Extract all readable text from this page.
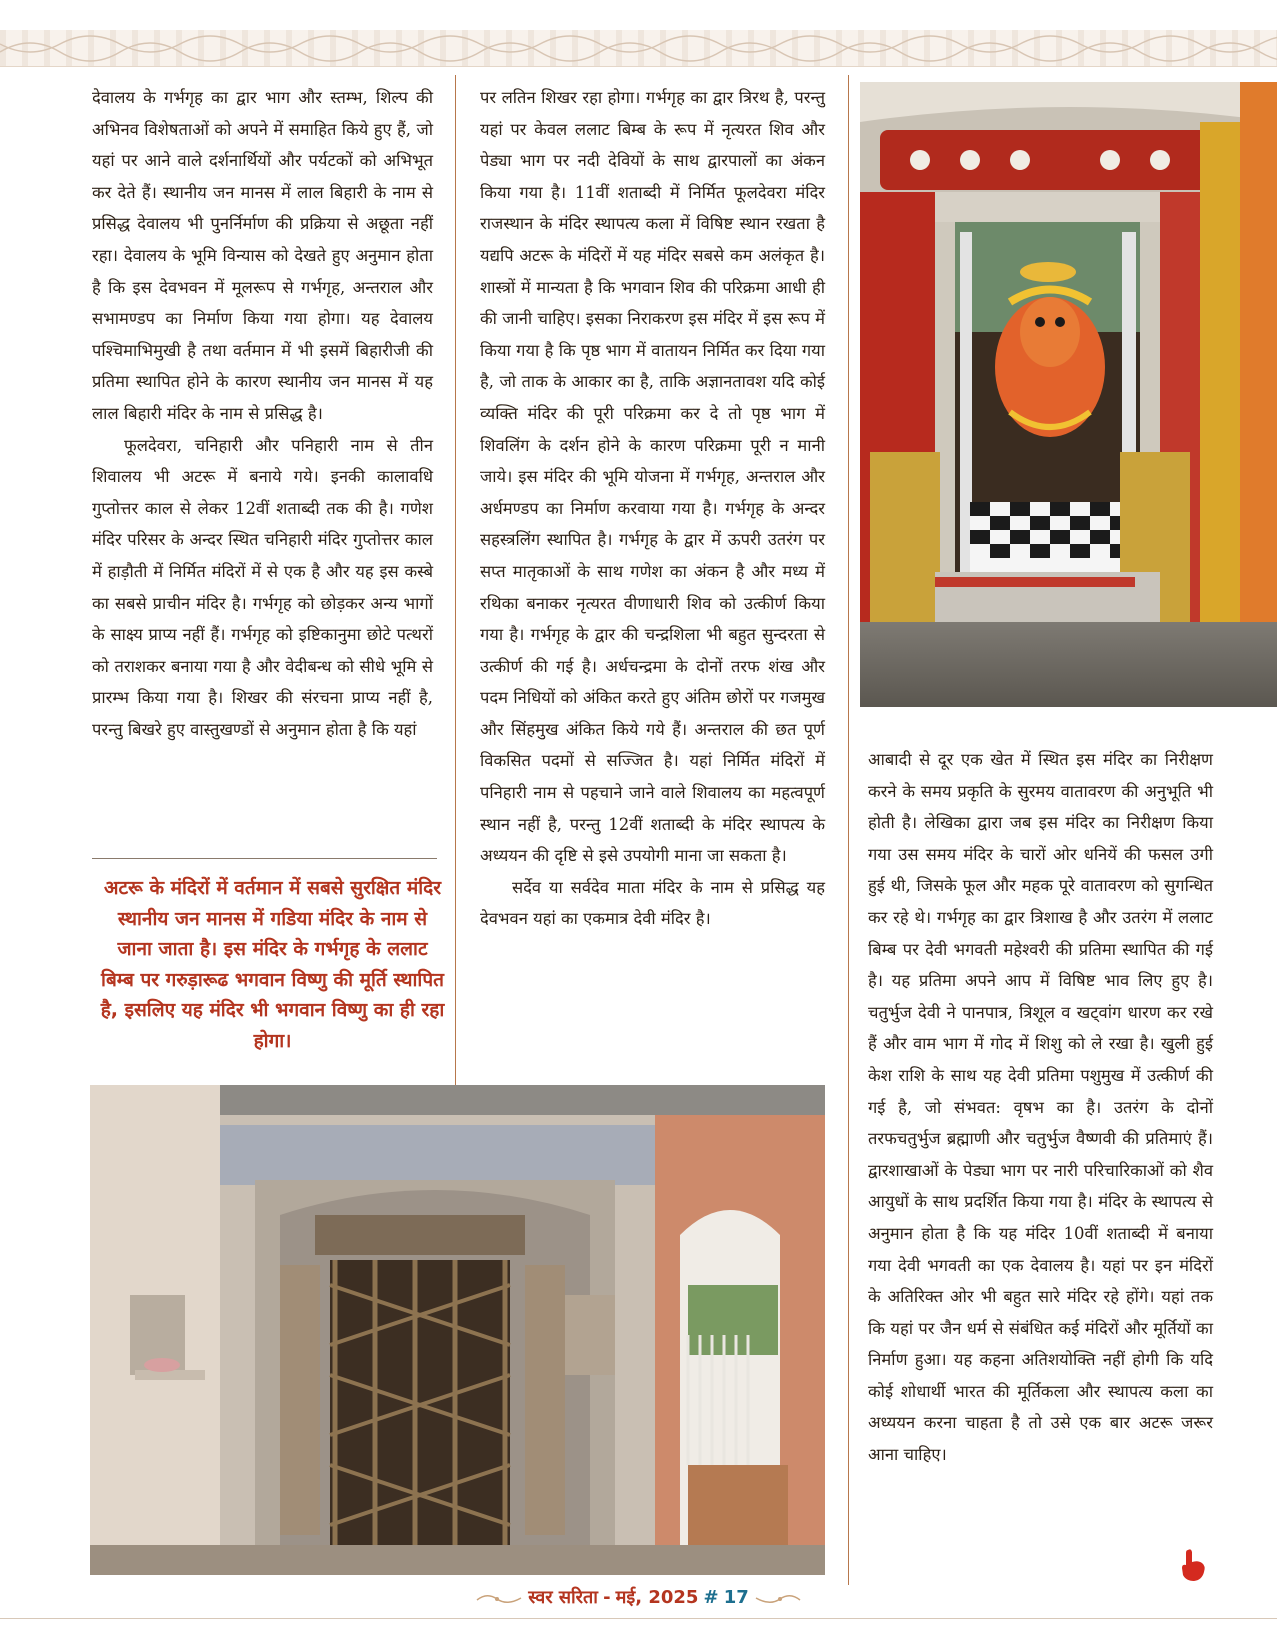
देवालय के गर्भगृह का द्वार भाग और स्तम्भ, शिल्प की अभिनव विशेषताओं को अपने में समाहित किये हुए हैं, जो यहां पर आने वाले दर्शनार्थियों और पर्यटकों को अभिभूत कर देते हैं। स्थानीय जन मानस में लाल बिहारी के नाम से प्रसिद्ध देवालय भी पुनर्निर्माण की प्रक्रिया से अछूता नहीं रहा। देवालय के भूमि विन्यास को देखते हुए अनुमान होता है कि इस देवभवन में मूलरूप से गर्भगृह, अन्तराल और सभामण्डप का निर्माण किया गया होगा। यह देवालय पश्चिमाभिमुखी है तथा वर्तमान में भी इसमें बिहारीजी की प्रतिमा स्थापित होने के कारण स्थानीय जन मानस में यह लाल बिहारी मंदिर के नाम से प्रसिद्ध है।

फूलदेवरा, चनिहारी और पनिहारी नाम से तीन शिवालय भी अटरू में बनाये गये। इनकी कालावधि गुप्तोत्तर काल से लेकर 12वीं शताब्दी तक की है। गणेश मंदिर परिसर के अन्दर स्थित चनिहारी मंदिर गुप्तोत्तर काल में हाड़ौती में निर्मित मंदिरों में से एक है और यह इस कस्बे का सबसे प्राचीन मंदिर है। गर्भगृह को छोड़कर अन्य भागों के साक्ष्य प्राप्य नहीं हैं। गर्भगृह को इष्टिकानुमा छोटे पत्थरों को तराशकर बनाया गया है और वेदीबन्ध को सीधे भूमि से प्रारम्भ किया गया है। शिखर की संरचना प्राप्य नहीं है, परन्तु बिखरे हुए वास्तुखण्डों से अनुमान होता है कि यहां

अटरू के मंदिरों में वर्तमान में सबसे सुरक्षित मंदिर स्थानीय जन मानस में गडिया मंदिर के नाम से जाना जाता है। इस मंदिर के गर्भगृह के ललाट बिम्ब पर गरुड़ारूढ भगवान विष्णु की मूर्ति स्थापित है, इसलिए यह मंदिर भी भगवान विष्णु का ही रहा होगा।

पर लतिन शिखर रहा होगा। गर्भगृह का द्वार त्रिरथ है, परन्तु यहां पर केवल ललाट बिम्ब के रूप में नृत्यरत शिव और पेड्या भाग पर नदी देवियों के साथ द्वारपालों का अंकन किया गया है। 11वीं शताब्दी में निर्मित फूलदेवरा मंदिर राजस्थान के मंदिर स्थापत्य कला में विषिष्ट स्थान रखता है यद्यपि अटरू के मंदिरों में यह मंदिर सबसे कम अलंकृत है। शास्त्रों में मान्यता है कि भगवान शिव की परिक्रमा आधी ही की जानी चाहिए। इसका निराकरण इस मंदिर में इस रूप में किया गया है कि पृष्ठ भाग में वातायन निर्मित कर दिया गया है, जो ताक के आकार का है, ताकि अज्ञानतावश यदि कोई व्यक्ति मंदिर की पूरी परिक्रमा कर दे तो पृष्ठ भाग में शिवलिंग के दर्शन होने के कारण परिक्रमा पूरी न मानी जाये। इस मंदिर की भूमि योजना में गर्भगृह, अन्तराल और अर्धमण्डप का निर्माण करवाया गया है। गर्भगृह के अन्दर सहस्त्रलिंग स्थापित है। गर्भगृह के द्वार में ऊपरी उतरंग पर सप्त मातृकाओं के साथ गणेश का अंकन है और मध्य में रथिका बनाकर नृत्यरत वीणाधारी शिव को उत्कीर्ण किया गया है। गर्भगृह के द्वार की चन्द्रशिला भी बहुत सुन्दरता से उत्कीर्ण की गई है। अर्धचन्द्रमा के दोनों तरफ शंख और पदम निधियों को अंकित करते हुए अंतिम छोरों पर गजमुख और सिंहमुख अंकित किये गये हैं। अन्तराल की छत पूर्ण विकसित पदमों से सज्जित है। यहां निर्मित मंदिरों में पनिहारी नाम से पहचाने जाने वाले शिवालय का महत्वपूर्ण स्थान नहीं है, परन्तु 12वीं शताब्दी के मंदिर स्थापत्य के अध्ययन की दृष्टि से इसे उपयोगी माना जा सकता है।

सर्देव या सर्वदेव माता मंदिर के नाम से प्रसिद्ध यह देवभवन यहां का एकमात्र देवी मंदिर है।

आबादी से दूर एक खेत में स्थित इस मंदिर का निरीक्षण करने के समय प्रकृति के सुरमय वातावरण की अनुभूति भी होती है। लेखिका द्वारा जब इस मंदिर का निरीक्षण किया गया उस समय मंदिर के चारों ओर धनियें की फसल उगी हुई थी, जिसके फूल और महक पूरे वातावरण को सुगन्धित कर रहे थे। गर्भगृह का द्वार त्रिशाख है और उतरंग में ललाट बिम्ब पर देवी भगवती महेश्वरी की प्रतिमा स्थापित की गई है। यह प्रतिमा अपने आप में विषिष्ट भाव लिए हुए है। चतुर्भुज देवी ने पानपात्र, त्रिशूल व खट्वांग धारण कर रखे हैं और वाम भाग में गोद में शिशु को ले रखा है। खुली हुई केश राशि के साथ यह देवी प्रतिमा पशुमुख में उत्कीर्ण की गई है, जो संभवत: वृषभ का है। उतरंग के दोनों तरफचतुर्भुज ब्रह्माणी और चतुर्भुज वैष्णवी की प्रतिमाएं हैं। द्वारशाखाओं के पेड्या भाग पर नारी परिचारिकाओं को शैव आयुधों के साथ प्रदर्शित किया गया है। मंदिर के स्थापत्य से अनुमान होता है कि यह मंदिर 10वीं शताब्दी में बनाया गया देवी भगवती का एक देवालय है। यहां पर इन मंदिरों के अतिरिक्त ओर भी बहुत सारे मंदिर रहे होंगे। यहां तक कि यहां पर जैन धर्म से संबंधित कई मंदिरों और मूर्तियों का निर्माण हुआ। यह कहना अतिशयोक्ति नहीं होगी कि यदि कोई शोधार्थी भारत की मूर्तिकला और स्थापत्य कला का अध्ययन करना चाहता है तो उसे एक बार अटरू जरूर आना चाहिए।

स्वर सरिता - मई, 2025 # 17
